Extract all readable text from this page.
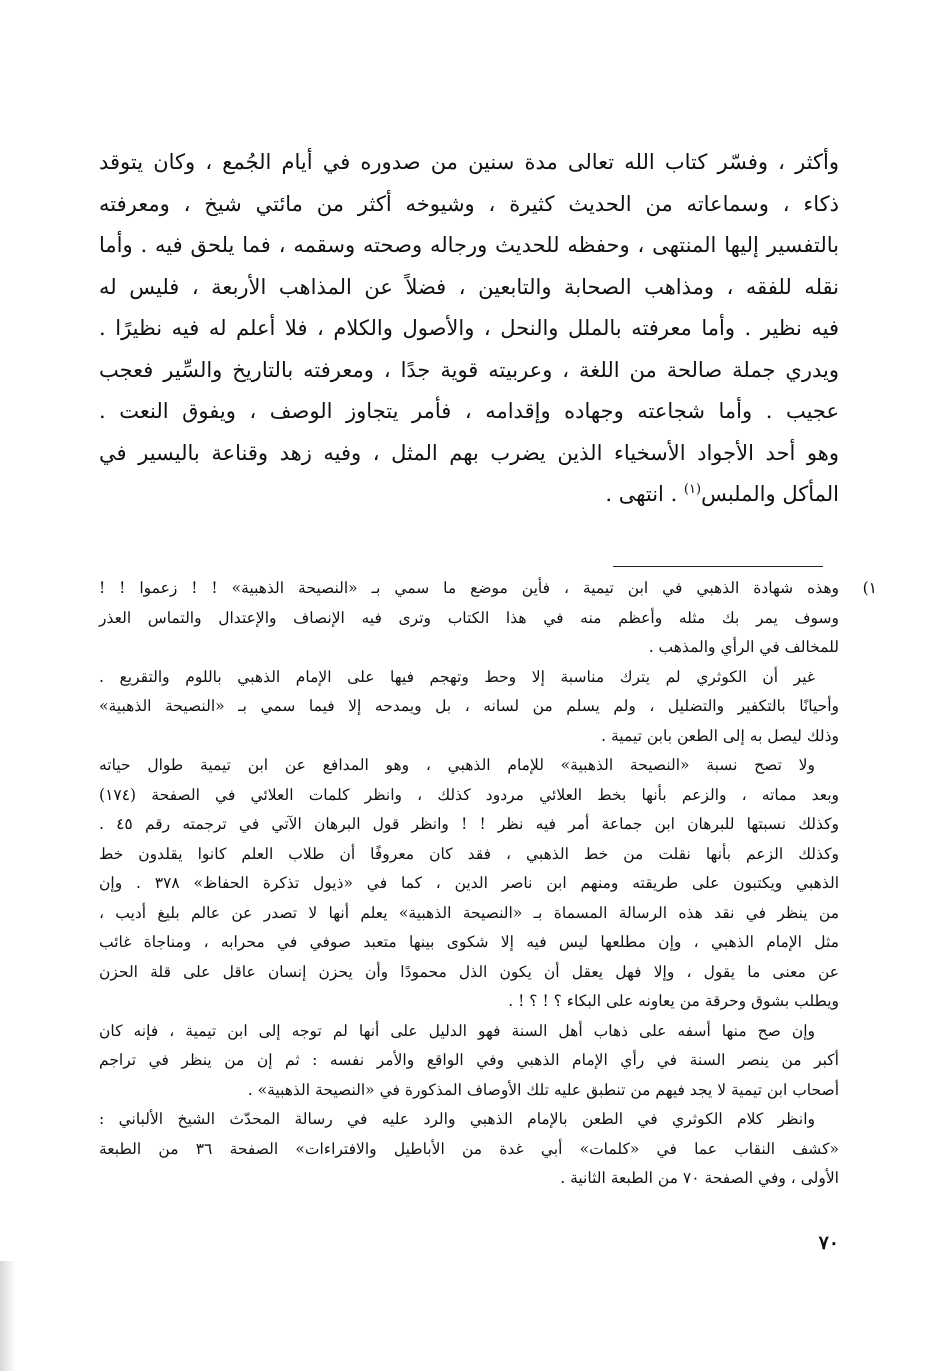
وأكثر ، وفسّر كتاب الله تعالى مدة سنين من صدوره في أيام الجُمع ، وكان يتوقد
ذكاء ، وسماعاته من الحديث كثيرة ، وشيوخه أكثر من مائتي شيخ ، ومعرفته
بالتفسير إليها المنتهى ، وحفظه للحديث ورجاله وصحته وسقمه ، فما يلحق فيه . وأما
نقله للفقه ، ومذاهب الصحابة والتابعين ، فضلاً عن المذاهب الأربعة ، فليس له
فيه نظير . وأما معرفته بالملل والنحل ، والأصول والكلام ، فلا أعلم له فيه نظيرًا .
ويدري جملة صالحة من اللغة ، وعربيته قوية جدًا ، ومعرفته بالتاريخ والسِّير فعجب
عجيب . وأما شجاعته وجهاده وإقدامه ، فأمر يتجاوز الوصف ، ويفوق النعت .
وهو أحد الأجواد الأسخياء الذين يضرب بهم المثل ، وفيه زهد وقناعة باليسير في
المأكل والملبس$^{(١)}$ . انتهى .
١)
وهذه شهادة الذهبي في ابن تيمية ، فأين موضع ما سمي بـ «النصيحة الذهبية» ! ! زعموا ! !
وسوف يمر بك مثله وأعظم منه في هذا الكتاب وترى فيه الإنصاف والإعتدال والتماس العذر
للمخالف في الرأي والمذهب .
غير أن الكوثري لم يترك مناسبة إلا وحط وتهجم فيها على الإمام الذهبي باللوم والتقريع .
وأحيانًا بالتكفير والتضليل ، ولم يسلم من لسانه ، بل ويمدحه إلا فيما سمي بـ «النصيحة الذهبية»
وذلك ليصل به إلى الطعن بابن تيمية .
ولا تصح نسبة «النصيحة الذهبية» للإمام الذهبي ، وهو المدافع عن ابن تيمية طوال حياته
وبعد مماته ، والزعم بأنها بخط العلائي مردود كذلك ، وانظر كلمات العلائي في الصفحة (١٧٤)
وكذلك نسبتها للبرهان ابن جماعة أمر فيه نظر ! ! وانظر قول البرهان الآتي في ترجمته رقم ٤٥ .
وكذلك الزعم بأنها نقلت من خط الذهبي ، فقد كان معروفًا أن طلاب العلم كانوا يقلدون خط
الذهبي ويكتبون على طريقته ومنهم ابن ناصر الدين ، كما في «ذيول تذكرة الحفاظ» ٣٧٨ . وإن
من ينظر في نقد هذه الرسالة المسماة بـ «النصيحة الذهبية» يعلم أنها لا تصدر عن عالم بليغ أديب ،
مثل الإمام الذهبي ، وإن مطلعها ليس فيه إلا شكوى بينها متعبد صوفي في محرابه ، ومناجاة غائب
عن معنى ما يقول ، وإلا فهل يعقل أن يكون الذل محمودًا وأن يحزن إنسان عاقل على قلة الحزن
ويطلب بشوق وحرقة من يعاونه على البكاء ؟ ! ؟ ! .
وإن صح منها أسفه على ذهاب أهل السنة فهو الدليل على أنها لم توجه إلى ابن تيمية ، فإنه كان
أكبر من ينصر السنة في رأي الإمام الذهبي وفي الواقع والأمر نفسه : ثم إن من ينظر في تراجم
أصحاب ابن تيمية لا يجد فيهم من تنطبق عليه تلك الأوصاف المذكورة في «النصيحة الذهبية» .
وانظر كلام الكوثري في الطعن بالإمام الذهبي والرد عليه في رسالة المحدّث الشيخ الألباني :
«كشف النقاب عما في «كلمات» أبي غدة من الأباطيل والافتراءات» الصفحة ٣٦ من الطبعة
الأولى ، وفي الصفحة ٧٠ من الطبعة الثانية .
٧٠
